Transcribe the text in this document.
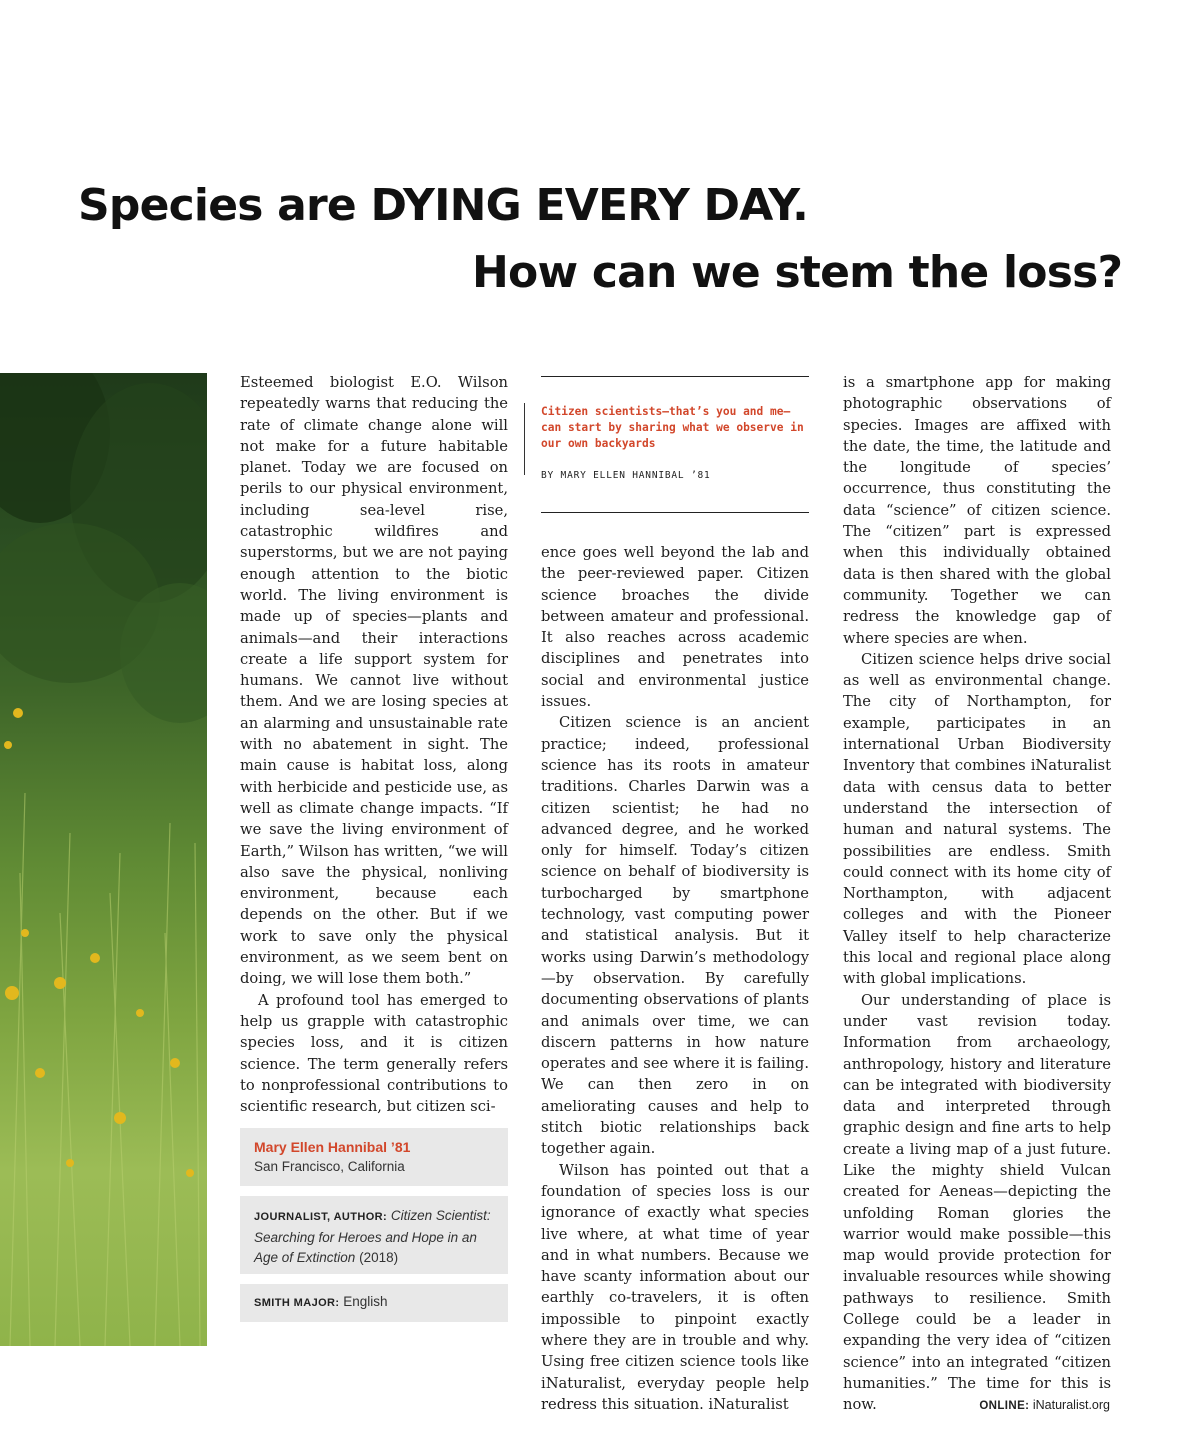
Species are DYING EVERY DAY.
How can we stem the loss?

Esteemed biologist E.O. Wilson repeatedly warns that reducing the rate of climate change alone will not make for a future habitable planet. Today we are focused on perils to our physical environment, including sea-level rise, catastrophic wildfires and superstorms, but we are not paying enough attention to the biotic world. The living environment is made up of species—plants and animals—and their interactions create a life support system for humans. We cannot live without them. And we are losing species at an alarming and unsustainable rate with no abatement in sight. The main cause is habitat loss, along with herbicide and pesticide use, as well as climate change impacts. “If we save the living environment of Earth,” Wilson has written, “we will also save the physical, nonliving environment, because each depends on the other. But if we work to save only the physical environment, as we seem bent on doing, we will lose them both.”

A profound tool has emerged to help us grapple with catastrophic species loss, and it is citizen science. The term generally refers to nonprofessional contributions to scientific research, but citizen sci-

Citizen scientists—that’s you and me—can start by sharing what we observe in our own backyards
BY MARY ELLEN HANNIBAL ’81

ence goes well beyond the lab and the peer-reviewed paper. Citizen science broaches the divide between amateur and professional. It also reaches across academic disciplines and penetrates into social and environmental justice issues.

Citizen science is an ancient practice; indeed, professional science has its roots in amateur traditions. Charles Darwin was a citizen scientist; he had no advanced degree, and he worked only for himself. Today’s citizen science on behalf of biodiversity is turbocharged by smartphone technology, vast computing power and statistical analysis. But it works using Darwin’s methodology—by observation. By carefully documenting observations of plants and animals over time, we can discern patterns in how nature operates and see where it is failing. We can then zero in on ameliorating causes and help to stitch biotic relationships back together again.

Wilson has pointed out that a foundation of species loss is our ignorance of exactly what species live where, at what time of year and in what numbers. Because we have scanty information about our earthly co-travelers, it is often impossible to pinpoint exactly where they are in trouble and why. Using free citizen science tools like iNaturalist, everyday people help redress this situation. iNaturalist

is a smartphone app for making photographic observations of species. Images are affixed with the date, the time, the latitude and the longitude of species’ occurrence, thus constituting the data “science” of citizen science. The “citizen” part is expressed when this individually obtained data is then shared with the global community. Together we can redress the knowledge gap of where species are when.

Citizen science helps drive social as well as environmental change. The city of Northampton, for example, participates in an international Urban Biodiversity Inventory that combines iNaturalist data with census data to better understand the intersection of human and natural systems. The possibilities are endless. Smith could connect with its home city of Northampton, with adjacent colleges and with the Pioneer Valley itself to help characterize this local and regional place along with global implications.

Our understanding of place is under vast revision today. Information from archaeology, anthropology, history and literature can be integrated with biodiversity data and interpreted through graphic design and fine arts to help create a living map of a just future. Like the mighty shield Vulcan created for Aeneas—depicting the unfolding Roman glories the warrior would make possible—this map would provide protection for invaluable resources while showing pathways to resilience. Smith College could be a leader in expanding the very idea of “citizen science” into an integrated “citizen humanities.” The time for this is now.

Mary Ellen Hannibal ’81
San Francisco, California
JOURNALIST, AUTHOR: Citizen Scientist: Searching for Heroes and Hope in an Age of Extinction (2018)
SMITH MAJOR: English
ONLINE: iNaturalist.org
